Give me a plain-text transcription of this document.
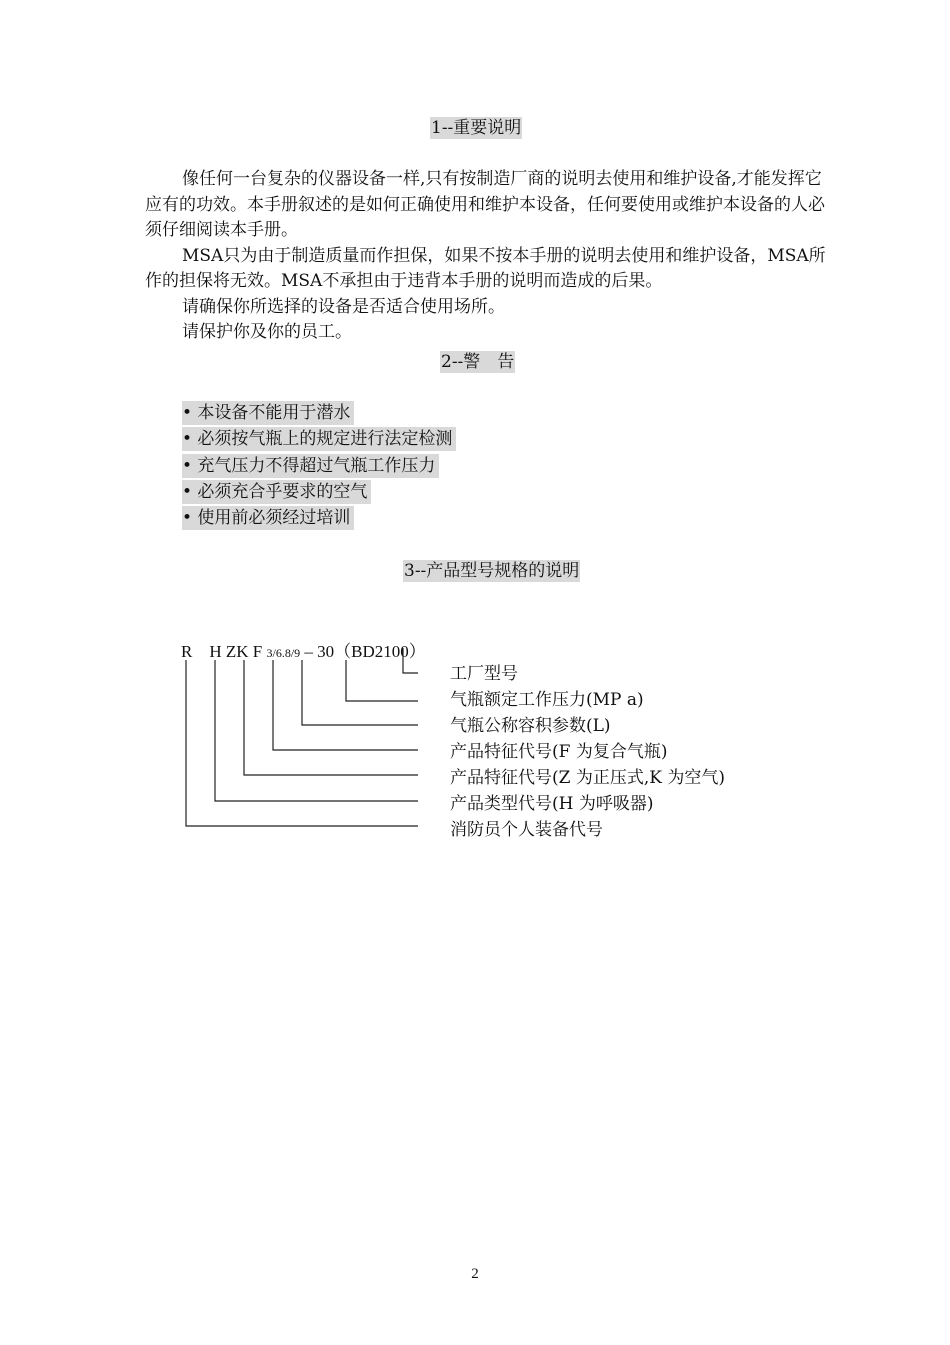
1--重要说明

像任何一台复杂的仪器设备一样,只有按制造厂商的说明去使用和维护设备,才能发挥它应有的功效。本手册叙述的是如何正确使用和维护本设备，任何要使用或维护本设备的人必须仔细阅读本手册。

MSA只为由于制造质量而作担保，如果不按本手册的说明去使用和维护设备，MSA所作的担保将无效。MSA不承担由于违背本手册的说明而造成的后果。

请确保你所选择的设备是否适合使用场所。

请保护你及你的员工。

2--警　告
• 本设备不能用于潜水
• 必须按气瓶上的规定进行法定检测
• 充气压力不得超过气瓶工作压力
• 必须充合乎要求的空气
• 使用前必须经过培训
3--产品型号规格的说明
R　H ZK F 3/6.8/9 – 30（BD2100）
工厂型号
气瓶额定工作压力(MP a)
气瓶公称容积参数(L)
产品特征代号(F 为复合气瓶)
产品特征代号(Z 为正压式,K 为空气)
产品类型代号(H 为呼吸器)
消防员个人装备代号
2
